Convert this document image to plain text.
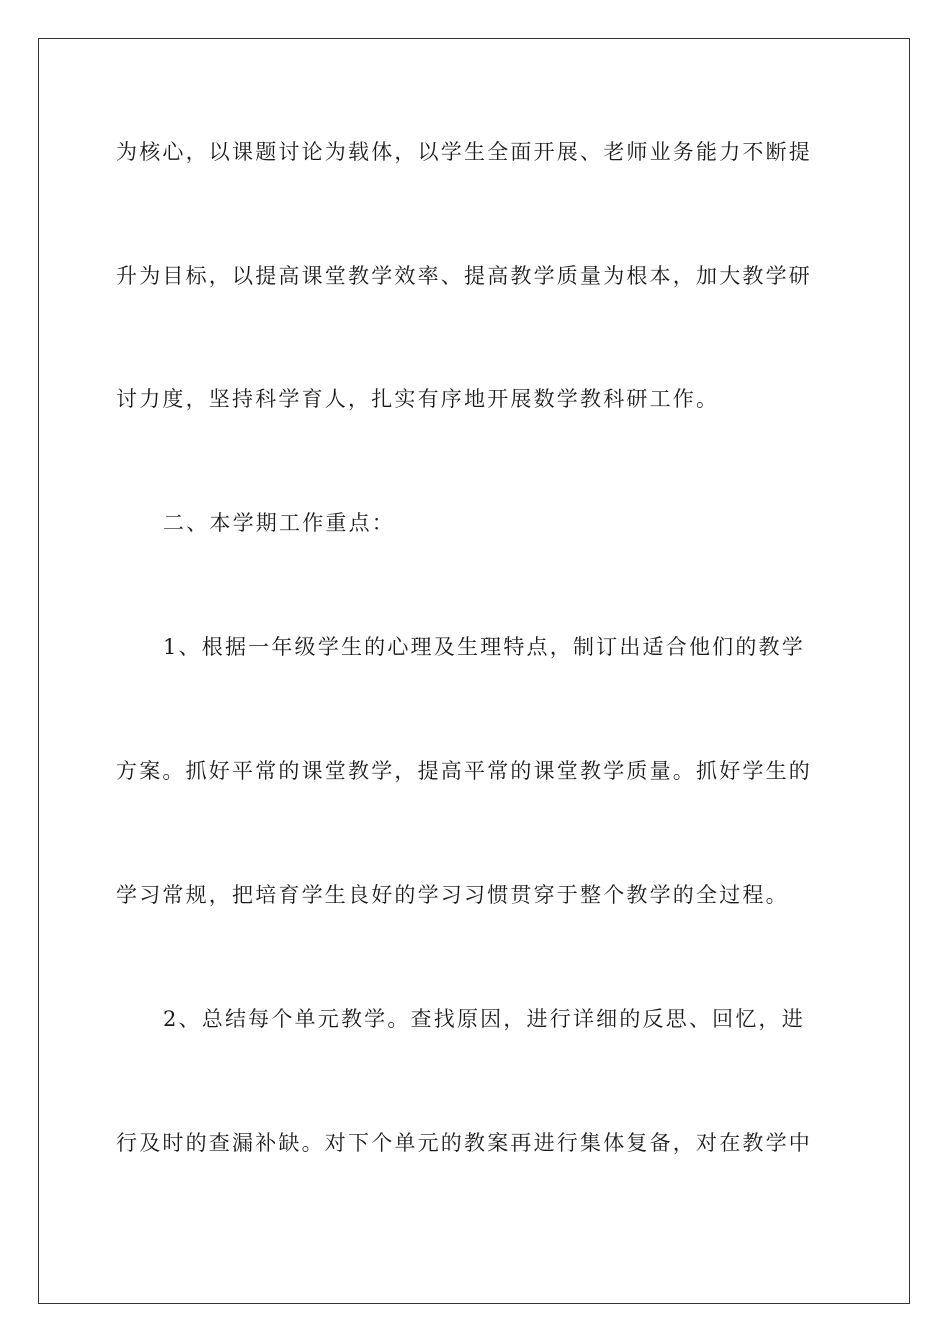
为核心，以课题讨论为载体，以学生全面开展、老师业务能力不断提
升为目标，以提高课堂教学效率、提高教学质量为根本，加大教学研
讨力度，坚持科学育人，扎实有序地开展数学教科研工作。
二、本学期工作重点：
1、根据一年级学生的心理及生理特点，制订出适合他们的教学
方案。抓好平常的课堂教学，提高平常的课堂教学质量。抓好学生的
学习常规，把培育学生良好的学习习惯贯穿于整个教学的全过程。
2、总结每个单元教学。查找原因，进行详细的反思、回忆，进
行及时的查漏补缺。对下个单元的教案再进行集体复备，对在教学中
